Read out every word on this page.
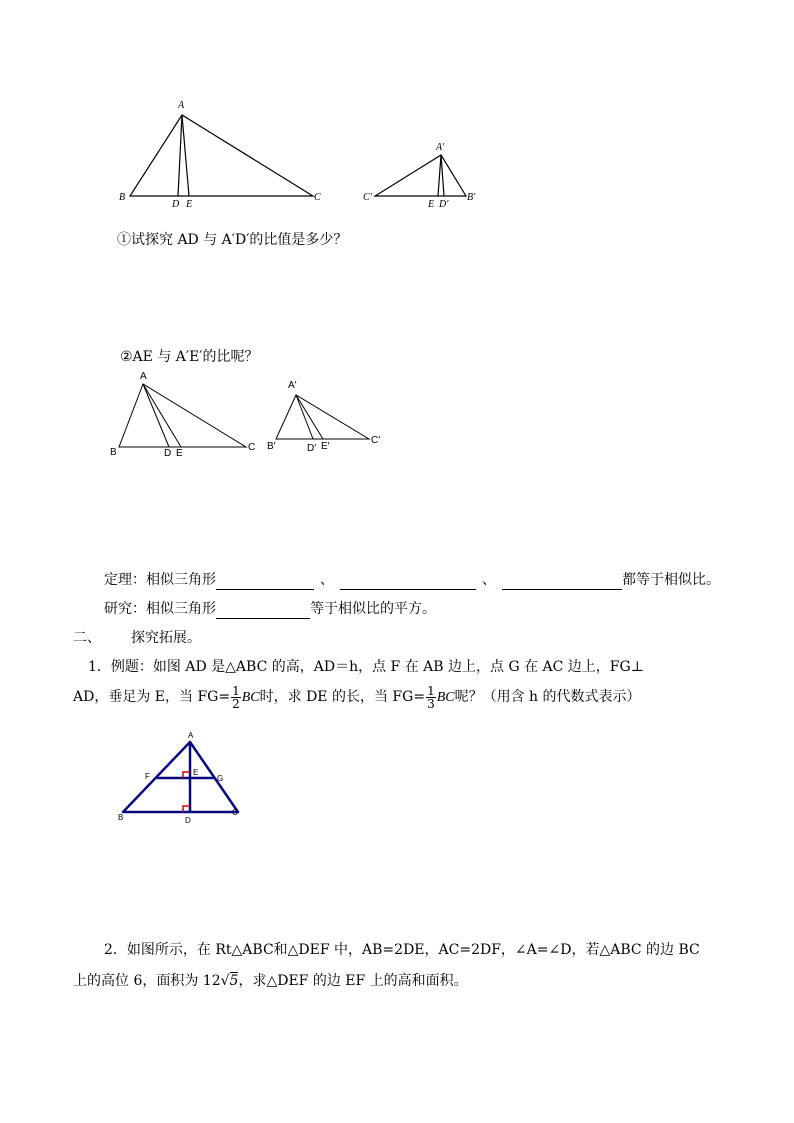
A
B	C
D E
A′
C′	B′
E D′
①试探究 AD 与 A′D′的比值是多少？
②AE 与 A′E′的比呢？
A
B	C
D E
A′
B′
C′
D′ E′
定理：相似三角形	、	、	都等于相似比。
研究：相似三角形	等于相似比的平方。
二、 探究拓展。
1．例题：如图 AD 是△ABC 的高，AD＝h，点 F 在 AB 边上，点 G 在 AC 边上，FG⊥
AD，垂足为 E，当 $FG= \frac{1}{2}$ BC时，求 DE 的长，当 $FG= \frac{1}{3}$ BC呢？（用含 h 的代数式表示）
A
F	E
G
B	D
C
2．如图所示，在 Rt△ABC和△DEF 中，AB=2DE，AC=2DF，∠A=∠D，若△ABC 的边 BC
上的高位 6，面积为 12√5，求△DEF 的边 EF 上的高和面积。
